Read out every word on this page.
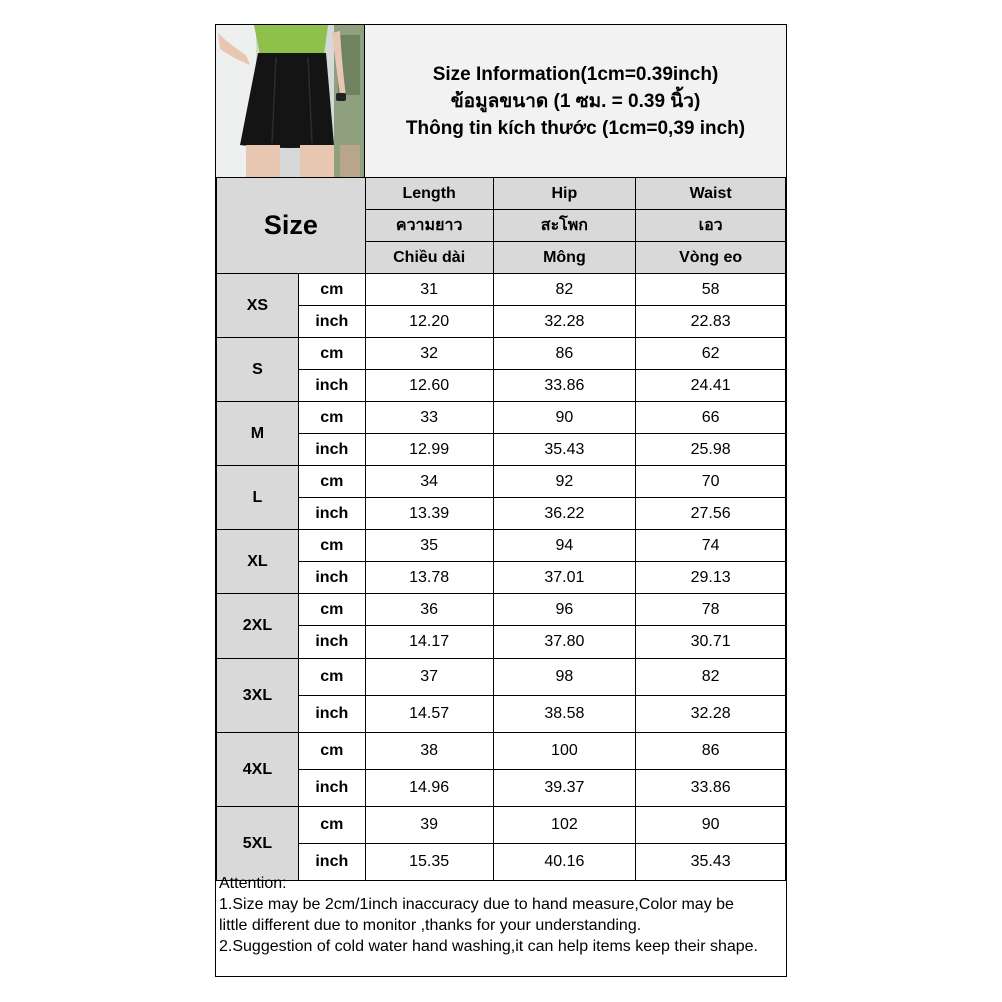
Size Information(1cm=0.39inch)
ข้อมูลขนาด (1 ซม. = 0.39 นิ้ว)
Thông tin kích thước (1cm=0,39 inch)
Size		Length	Hip	Waist
		ความยาว	สะโพก	เอว
		Chiều dài	Mông	Vòng eo
XS	cm	31	82	58
	inch	12.20	32.28	22.83
S	cm	32	86	62
	inch	12.60	33.86	24.41
M	cm	33	90	66
	inch	12.99	35.43	25.98
L	cm	34	92	70
	inch	13.39	36.22	27.56
XL	cm	35	94	74
	inch	13.78	37.01	29.13
2XL	cm	36	96	78
	inch	14.17	37.80	30.71
3XL	cm	37	98	82
	inch	14.57	38.58	32.28
4XL	cm	38	100	86
	inch	14.96	39.37	33.86
5XL	cm	39	102	90
	inch	15.35	40.16	35.43
Attention:
1.Size may be 2cm/1inch inaccuracy due to hand measure,Color may be
little different due to monitor ,thanks for your understanding.
2.Suggestion of cold water hand washing,it can help items keep their shape.
